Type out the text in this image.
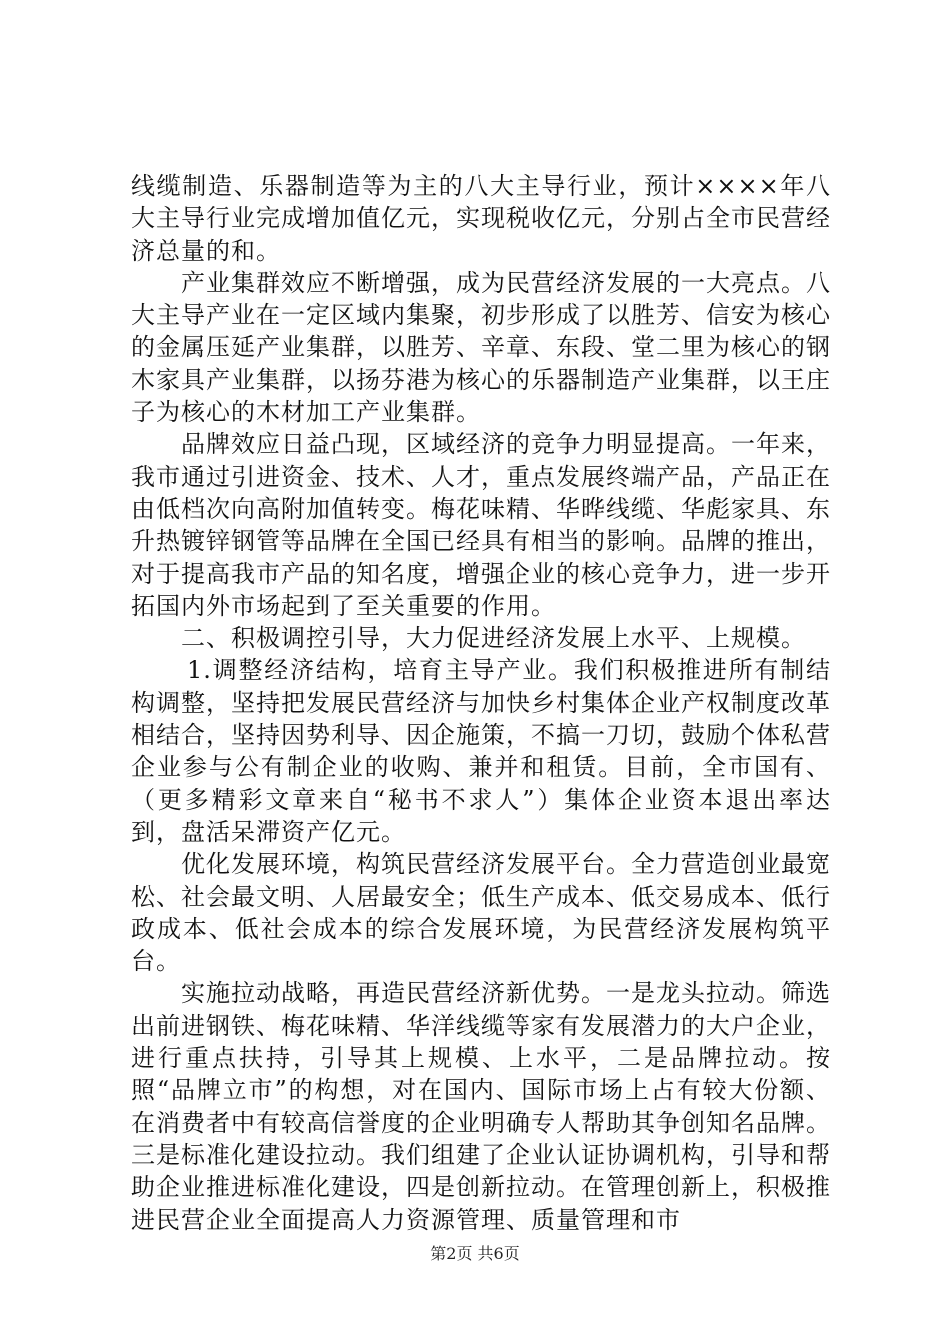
线缆制造、乐器制造等为主的八大主导行业，预计××××年八大主导行业完成增加值亿元，实现税收亿元，分别占全市民营经济总量的和。

产业集群效应不断增强，成为民营经济发展的一大亮点。八大主导产业在一定区域内集聚，初步形成了以胜芳、信安为核心的金属压延产业集群，以胜芳、辛章、东段、堂二里为核心的钢木家具产业集群，以扬芬港为核心的乐器制造产业集群，以王庄子为核心的木材加工产业集群。

品牌效应日益凸现，区域经济的竞争力明显提高。一年来，我市通过引进资金、技术、人才，重点发展终端产品，产品正在由低档次向高附加值转变。梅花味精、华晔线缆、华彪家具、东升热镀锌钢管等品牌在全国已经具有相当的影响。品牌的推出，对于提高我市产品的知名度，增强企业的核心竞争力，进一步开拓国内外市场起到了至关重要的作用。

二、积极调控引导，大力促进经济发展上水平、上规模。

1.调整经济结构，培育主导产业。我们积极推进所有制结构调整，坚持把发展民营经济与加快乡村集体企业产权制度改革相结合，坚持因势利导、因企施策，不搞一刀切，鼓励个体私营企业参与公有制企业的收购、兼并和租赁。目前，全市国有、（更多精彩文章来自“秘书不求人”）集体企业资本退出率达到，盘活呆滞资产亿元。

优化发展环境，构筑民营经济发展平台。全力营造创业最宽松、社会最文明、人居最安全；低生产成本、低交易成本、低行政成本、低社会成本的综合发展环境，为民营经济发展构筑平台。

实施拉动战略，再造民营经济新优势。一是龙头拉动。筛选出前进钢铁、梅花味精、华洋线缆等家有发展潜力的大户企业，进行重点扶持，引导其上规模、上水平，二是品牌拉动。按照“品牌立市”的构想，对在国内、国际市场上占有较大份额、在消费者中有较高信誉度的企业明确专人帮助其争创知名品牌。三是标准化建设拉动。我们组建了企业认证协调机构，引导和帮助企业推进标准化建设，四是创新拉动。在管理创新上，积极推进民营企业全面提高人力资源管理、质量管理和市

第2页 共6页
